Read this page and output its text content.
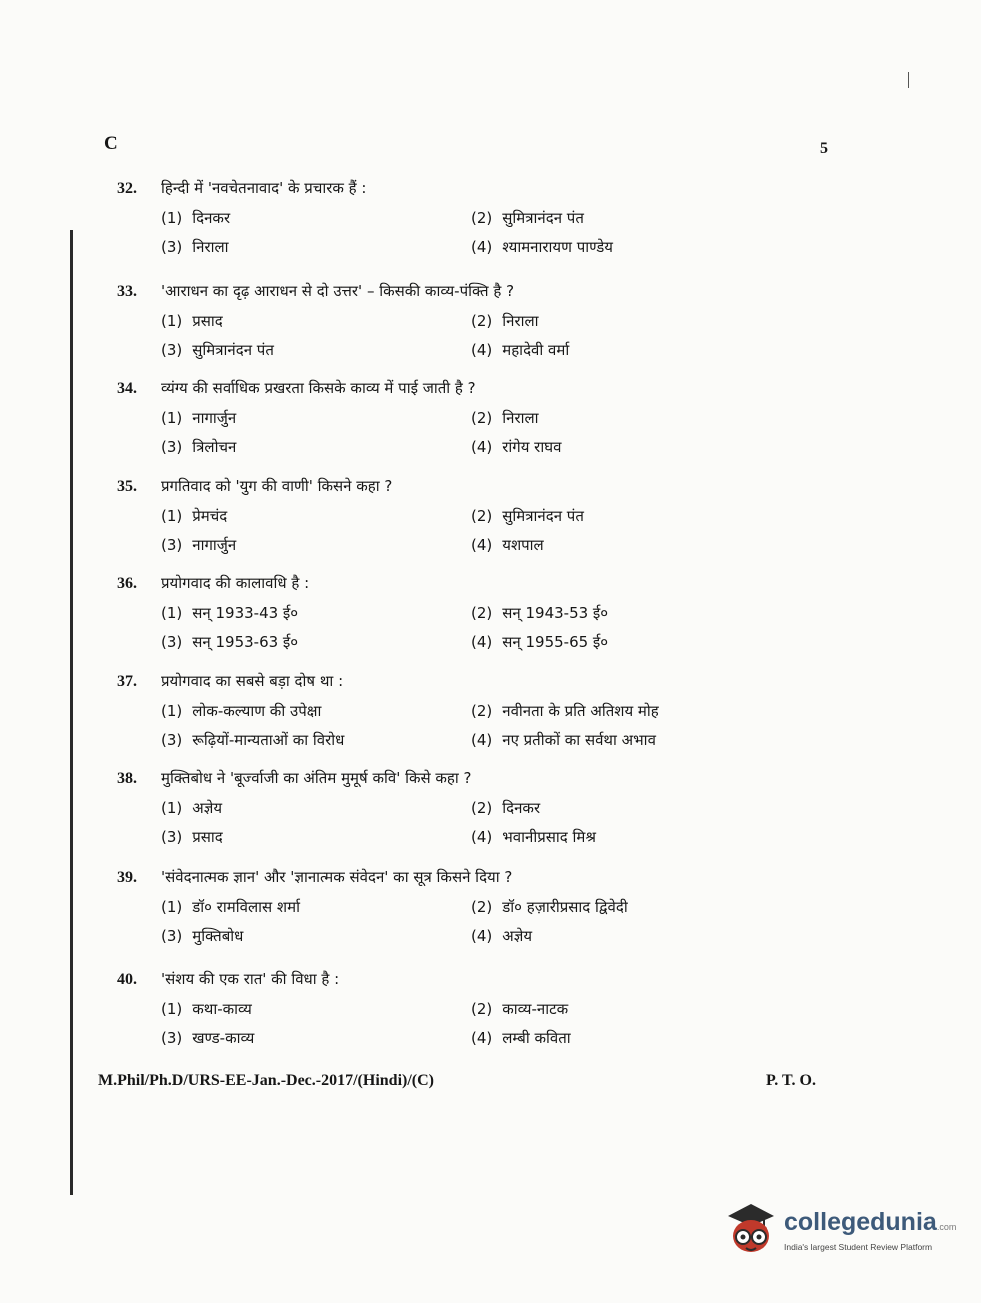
C	5
32.	हिन्दी में 'नवचेतनावाद' के प्रचारक हैं :
(1) दिनकर	(2) सुमित्रानंदन पंत
(3) निराला	(4) श्यामनारायण पाण्डेय
33.	'आराधन का दृढ़ आराधन से दो उत्तर' – किसकी काव्य-पंक्ति है ?
(1) प्रसाद	(2) निराला
(3) सुमित्रानंदन पंत	(4) महादेवी वर्मा
34.	व्यंग्य की सर्वाधिक प्रखरता किसके काव्य में पाई जाती है ?
(1) नागार्जुन	(2) निराला
(3) त्रिलोचन	(4) रांगेय राघव
35.	प्रगतिवाद को 'युग की वाणी' किसने कहा ?
(1) प्रेमचंद	(2) सुमित्रानंदन पंत
(3) नागार्जुन	(4) यशपाल
36.	प्रयोगवाद की कालावधि है :
(1) सन् 1933-43 ई०	(2) सन् 1943-53 ई०
(3) सन् 1953-63 ई०	(4) सन् 1955-65 ई०
37.	प्रयोगवाद का सबसे बड़ा दोष था :
(1) लोक-कल्याण की उपेक्षा	(2) नवीनता के प्रति अतिशय मोह
(3) रूढ़ियों-मान्यताओं का विरोध	(4) नए प्रतीकों का सर्वथा अभाव
38.	मुक्तिबोध ने 'बूर्ज्वाजी का अंतिम मुमूर्ष कवि' किसे कहा ?
(1) अज्ञेय	(2) दिनकर
(3) प्रसाद	(4) भवानीप्रसाद मिश्र
39.	'संवेदनात्मक ज्ञान' और 'ज्ञानात्मक संवेदन' का सूत्र किसने दिया ?
(1) डॉ० रामविलास शर्मा	(2) डॉ० हज़ारीप्रसाद द्विवेदी
(3) मुक्तिबोध	(4) अज्ञेय
40.	'संशय की एक रात' की विधा है :
(1) कथा-काव्य	(2) काव्य-नाटक
(3) खण्ड-काव्य	(4) लम्बी कविता
M.Phil/Ph.D/URS-EE-Jan.-Dec.-2017/(Hindi)/(C)	P. T. O.
collegedunia.com
India's largest Student Review Platform
